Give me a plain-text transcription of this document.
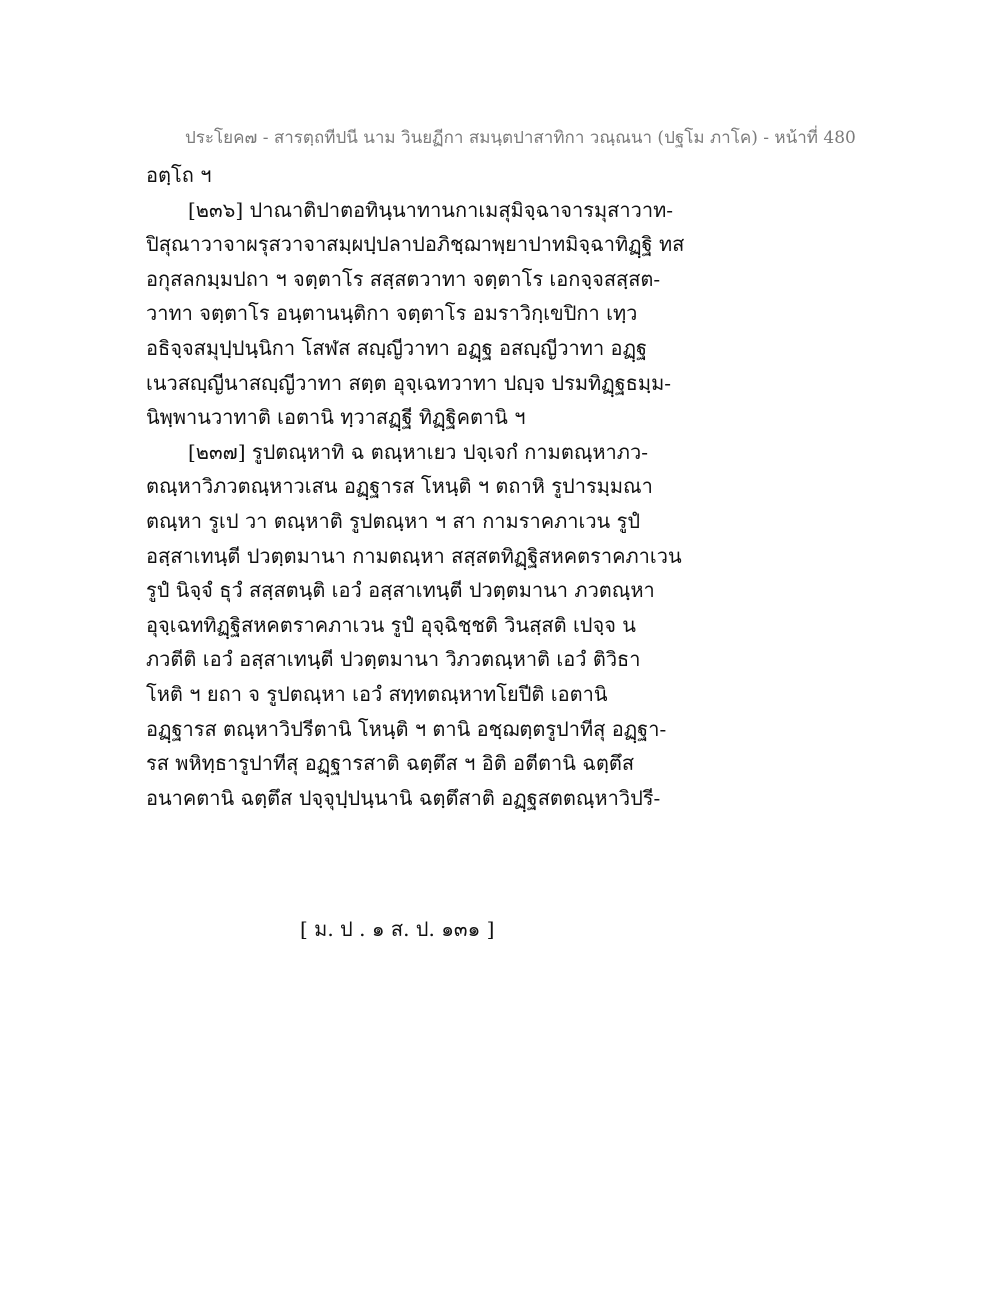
ประโยค๗ - สารตฺถทีปนี นาม วินยฏีกา สมนฺตปาสาทิกา วณฺณนา (ปฐโม ภาโค) - หน้าที่ 480
อตฺโถ ฯ
[๒๓๖] ปาณาติปาตอทินฺนาทานกาเมสุมิจฺฉาจารมุสาวาท-
ปิสุณาวาจาผรุสวาจาสมฺผปฺปลาปอภิชฺฌาพฺยาปาทมิจฺฉาทิฏฺฐิ ทส
อกุสลกมฺมปถา ฯ จตฺตาโร สสฺสตวาทา จตฺตาโร เอกจฺจสสฺสต-
วาทา จตฺตาโร อนฺตานนฺติกา จตฺตาโร อมราวิกฺเขปิกา เทฺว
อธิจฺจสมุปฺปนฺนิกา โสฬส สญฺญีวาทา อฏฺฐ อสญฺญีวาทา อฏฺฐ
เนวสญฺญีนาสญฺญีวาทา สตฺต อุจฺเฉทวาทา ปญฺจ ปรมทิฏฺฐธมฺม-
นิพฺพานวาทาติ เอตานิ ทฺวาสฏฺฐี ทิฏฺฐิคตานิ ฯ
[๒๓๗] รูปตณฺหาทิ ฉ ตณฺหาเยว ปจฺเจกํ กามตณฺหาภว-
ตณฺหาวิภวตณฺหาวเสน อฏฺฐารส โหนฺติ ฯ ตถาหิ รูปารมฺมณา
ตณฺหา รูเป วา ตณฺหาติ รูปตณฺหา ฯ สา กามราคภาเวน รูปํ
อสฺสาเทนฺตี ปวตฺตมานา กามตณฺหา สสฺสตทิฏฺฐิสหคตราคภาเวน
รูปํ นิจฺจํ ธุวํ สสฺสตนฺติ เอวํ อสฺสาเทนฺตี ปวตฺตมานา ภวตณฺหา
อุจฺเฉททิฏฺฐิสหคตราคภาเวน รูปํ อุจฺฉิชฺชติ วินสฺสติ เปจฺจ น
ภวตีติ เอวํ อสฺสาเทนฺตี ปวตฺตมานา วิภวตณฺหาติ เอวํ ติวิธา
โหติ ฯ ยถา จ รูปตณฺหา เอวํ สทฺทตณฺหาทโยปีติ เอตานิ
อฏฺฐารส ตณฺหาวิปรีตานิ โหนฺติ ฯ ตานิ อชฺฌตฺตรูปาทีสุ อฏฺฐา-
รส พหิทฺธารูปาทีสุ อฏฺฐารสาติ ฉตฺตึส ฯ อิติ อตีตานิ ฉตฺตึส
อนาคตานิ ฉตฺตึส ปจฺจุปฺปนฺนานิ ฉตฺตึสาติ อฏฺฐสตตณฺหาวิปรี-
[ ม. ป . ๑ ส. ป. ๑๓๑ ]
